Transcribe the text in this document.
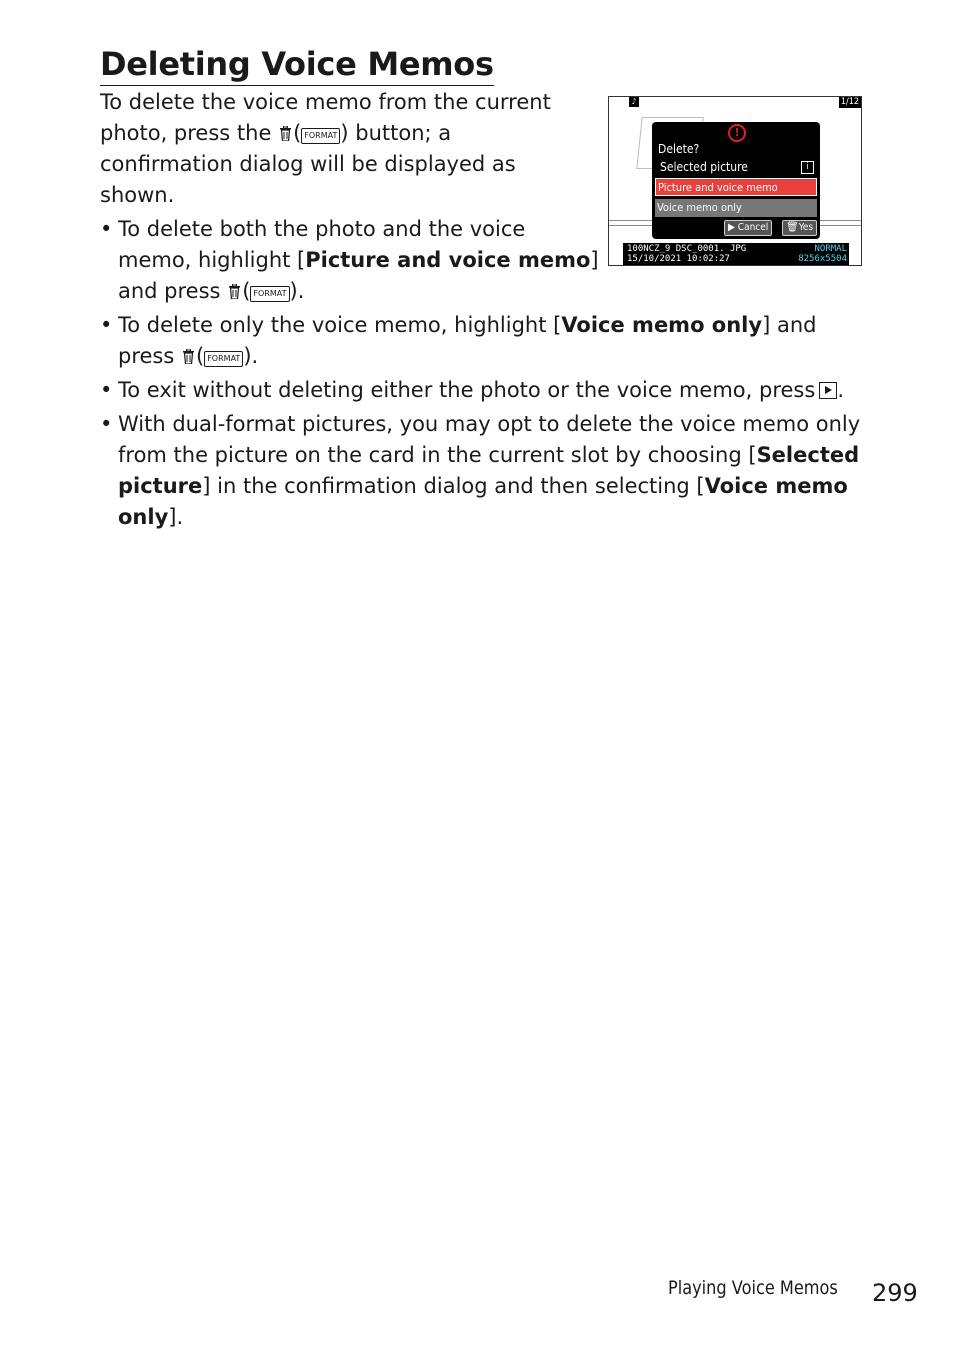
Deleting Voice Memos
To delete the voice memo from the current
photo, press the ( FORMAT ) button; a
confirmation dialog will be displayed as
shown.
• To delete both the photo and the voice
memo, highlight [Picture and voice memo]
and press ( FORMAT ).
• To delete only the voice memo, highlight [Voice memo only] and
press ( FORMAT ).
• To exit without deleting either the photo or the voice memo, press .
• With dual-format pictures, you may opt to delete the voice memo only
from the picture on the card in the current slot by choosing [Selected
picture] in the confirmation dialog and then selecting [Voice memo
only].
♪	1/12
!
Delete?
Selected picture	i
Picture and voice memo
Voice memo only
▶ Cancel	🗑Yes
100NCZ_9 DSC_0001. JPG
15/10/2021 10:02:27
NORMAL
8256x5504
Playing Voice Memos 299
